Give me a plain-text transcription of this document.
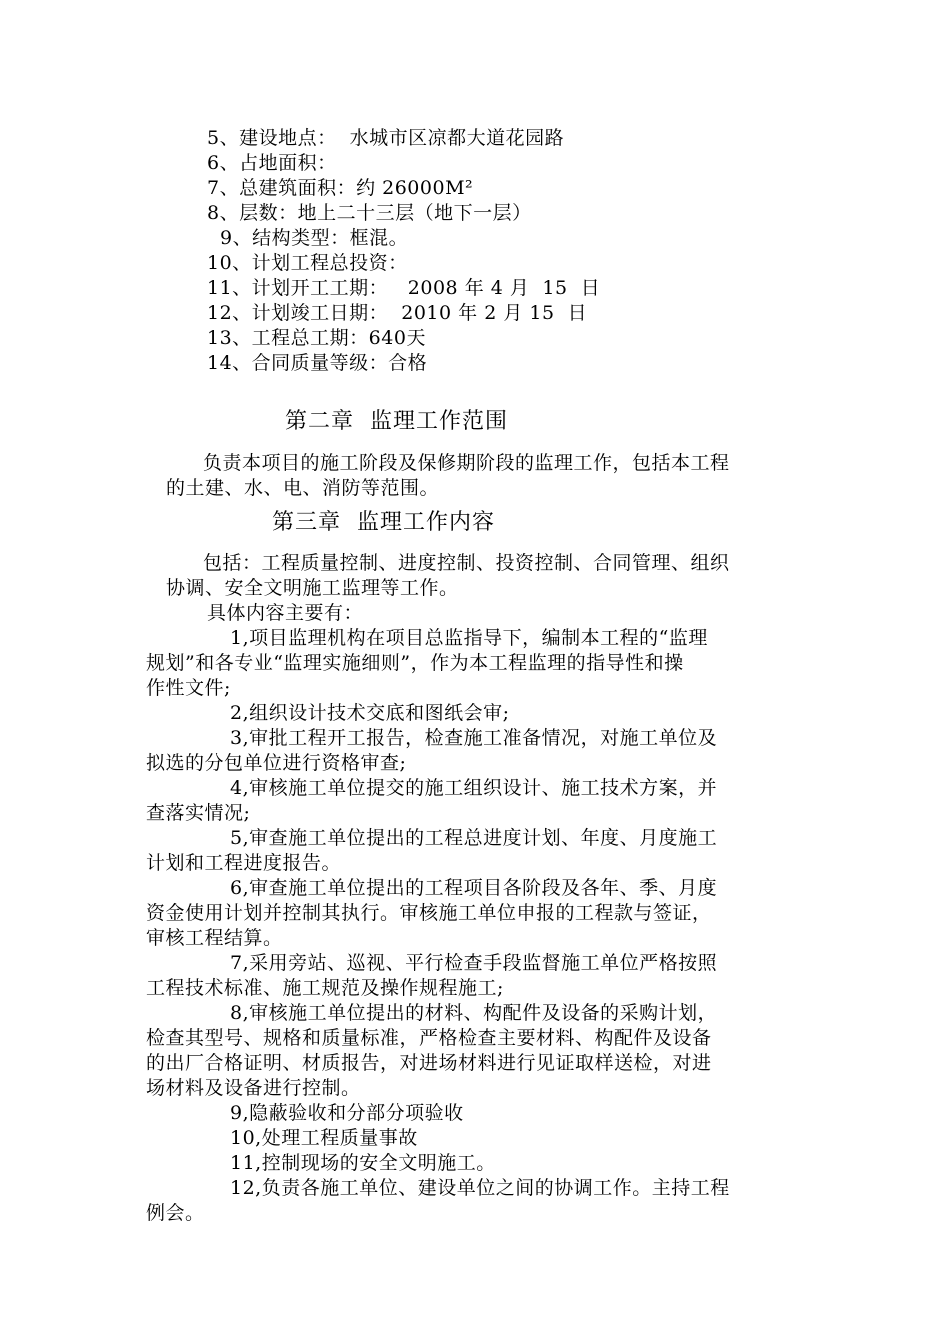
5、建设地点：  水城市区凉都大道花园路
6、占地面积：
7、总建筑面积：约 26000M²
8、层数：地上二十三层（地下一层）
9、结构类型：框混。
10、计划工程总投资：
11、计划开工工期：   2008 年 4 月  15  日
12、计划竣工日期：  2010 年 2 月 15  日
13、工程总工期：640天
14、合同质量等级：合格
第二章  监理工作范围
负责本项目的施工阶段及保修期阶段的监理工作，包括本工程
的土建、水、电、消防等范围。
第三章  监理工作内容
包括：工程质量控制、进度控制、投资控制、合同管理、组织
协调、安全文明施工监理等工作。
具体内容主要有：
1,项目监理机构在项目总监指导下，编制本工程的“监理
规划”和各专业“监理实施细则”，作为本工程监理的指导性和操
作性文件;
2,组织设计技术交底和图纸会审;
3,审批工程开工报告，检查施工准备情况，对施工单位及
拟选的分包单位进行资格审查;
4,审核施工单位提交的施工组织设计、施工技术方案，并
查落实情况;
5,审查施工单位提出的工程总进度计划、年度、月度施工
计划和工程进度报告。
6,审查施工单位提出的工程项目各阶段及各年、季、月度
资金使用计划并控制其执行。审核施工单位申报的工程款与签证，
审核工程结算。
7,采用旁站、巡视、平行检查手段监督施工单位严格按照
工程技术标准、施工规范及操作规程施工;
8,审核施工单位提出的材料、构配件及设备的采购计划，
检查其型号、规格和质量标准，严格检查主要材料、构配件及设备
的出厂合格证明、材质报告，对进场材料进行见证取样送检，对进
场材料及设备进行控制。
9,隐蔽验收和分部分项验收
10,处理工程质量事故
11,控制现场的安全文明施工。
12,负责各施工单位、建设单位之间的协调工作。主持工程
例会。
